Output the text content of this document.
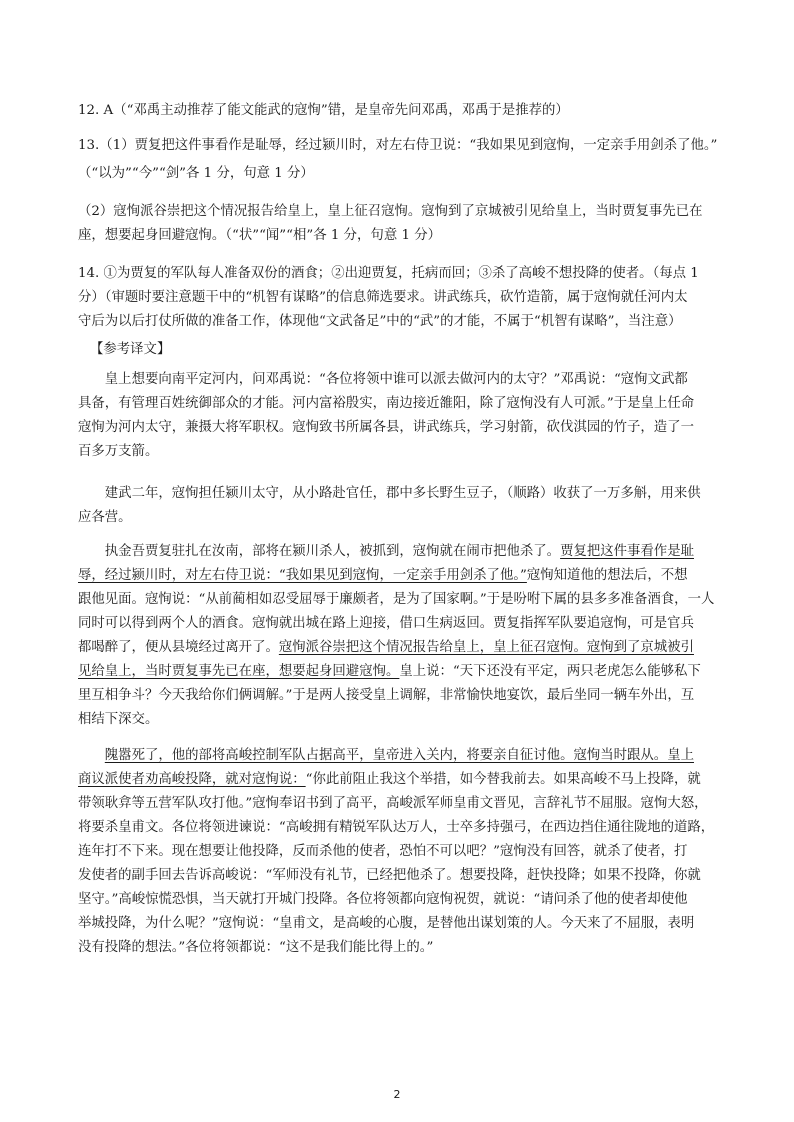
12. A（“邓禹主动推荐了能文能武的寇恂”错，是皇帝先问邓禹，邓禹于是推荐的）

13.（1）贾复把这件事看作是耻辱，经过颍川时，对左右侍卫说：“我如果见到寇恂，一定亲手用剑杀了他。”
（“以为”“今”“剑”各 1 分，句意 1 分）

（2）寇恂派谷崇把这个情况报告给皇上，皇上征召寇恂。寇恂到了京城被引见给皇上，当时贾复事先已在
座，想要起身回避寇恂。（“状”“闻”“相”各 1 分，句意 1 分）

14. ①为贾复的军队每人准备双份的酒食；②出迎贾复，托病而回；③杀了高峻不想投降的使者。（每点 1
分）（审题时要注意题干中的“机智有谋略”的信息筛选要求。讲武练兵，砍竹造箭，属于寇恂就任河内太
守后为以后打仗所做的准备工作，体现他“文武备足”中的“武”的才能，不属于“机智有谋略”，当注意）

【参考译文】

皇上想要向南平定河内，问邓禹说：“各位将领中谁可以派去做河内的太守？”邓禹说：“寇恂文武都
具备，有管理百姓统御部众的才能。河内富裕殷实，南边接近雒阳，除了寇恂没有人可派。”于是皇上任命
寇恂为河内太守，兼摄大将军职权。寇恂致书所属各县，讲武练兵，学习射箭，砍伐淇园的竹子，造了一
百多万支箭。

建武二年，寇恂担任颍川太守，从小路赴官任，郡中多长野生豆子，（顺路）收获了一万多斛，用来供
应各营。

执金吾贾复驻扎在汝南，部将在颍川杀人，被抓到，寇恂就在闹市把他杀了。贾复把这件事看作是耻
辱，经过颍川时，对左右侍卫说：“我如果见到寇恂，一定亲手用剑杀了他。”寇恂知道他的想法后，不想
跟他见面。寇恂说：“从前蔺相如忍受屈辱于廉颇者，是为了国家啊。”于是吩咐下属的县多多准备酒食，一人
同时可以得到两个人的酒食。寇恂就出城在路上迎接，借口生病返回。贾复指挥军队要追寇恂，可是官兵
都喝醉了，便从县境经过离开了。寇恂派谷崇把这个情况报告给皇上，皇上征召寇恂。寇恂到了京城被引
见给皇上，当时贾复事先已在座，想要起身回避寇恂。皇上说：“天下还没有平定，两只老虎怎么能够私下
里互相争斗？今天我给你们俩调解。”于是两人接受皇上调解，非常愉快地宴饮，最后坐同一辆车外出，互
相结下深交。
隗嚣死了，他的部将高峻控制军队占据高平，皇帝进入关内，将要亲自征讨他。寇恂当时跟从。皇上
商议派使者劝高峻投降，就对寇恂说：“你此前阻止我这个举措，如今替我前去。如果高峻不马上投降，就
带领耿弇等五营军队攻打他。”寇恂奉诏书到了高平，高峻派军师皇甫文晋见，言辞礼节不屈服。寇恂大怒，
将要杀皇甫文。各位将领进谏说：“高峻拥有精锐军队达万人，士卒多持强弓，在西边挡住通往陇地的道路，
连年打不下来。现在想要让他投降，反而杀他的使者，恐怕不可以吧？”寇恂没有回答，就杀了使者，打
发使者的副手回去告诉高峻说：“军师没有礼节，已经把他杀了。想要投降，赶快投降；如果不投降，你就
坚守。”高峻惊慌恐惧，当天就打开城门投降。各位将领都向寇恂祝贺，就说：“请问杀了他的使者却使他
举城投降，为什么呢？”寇恂说：“皇甫文，是高峻的心腹，是替他出谋划策的人。今天来了不屈服，表明
没有投降的想法。”各位将领都说：“这不是我们能比得上的。”
2
